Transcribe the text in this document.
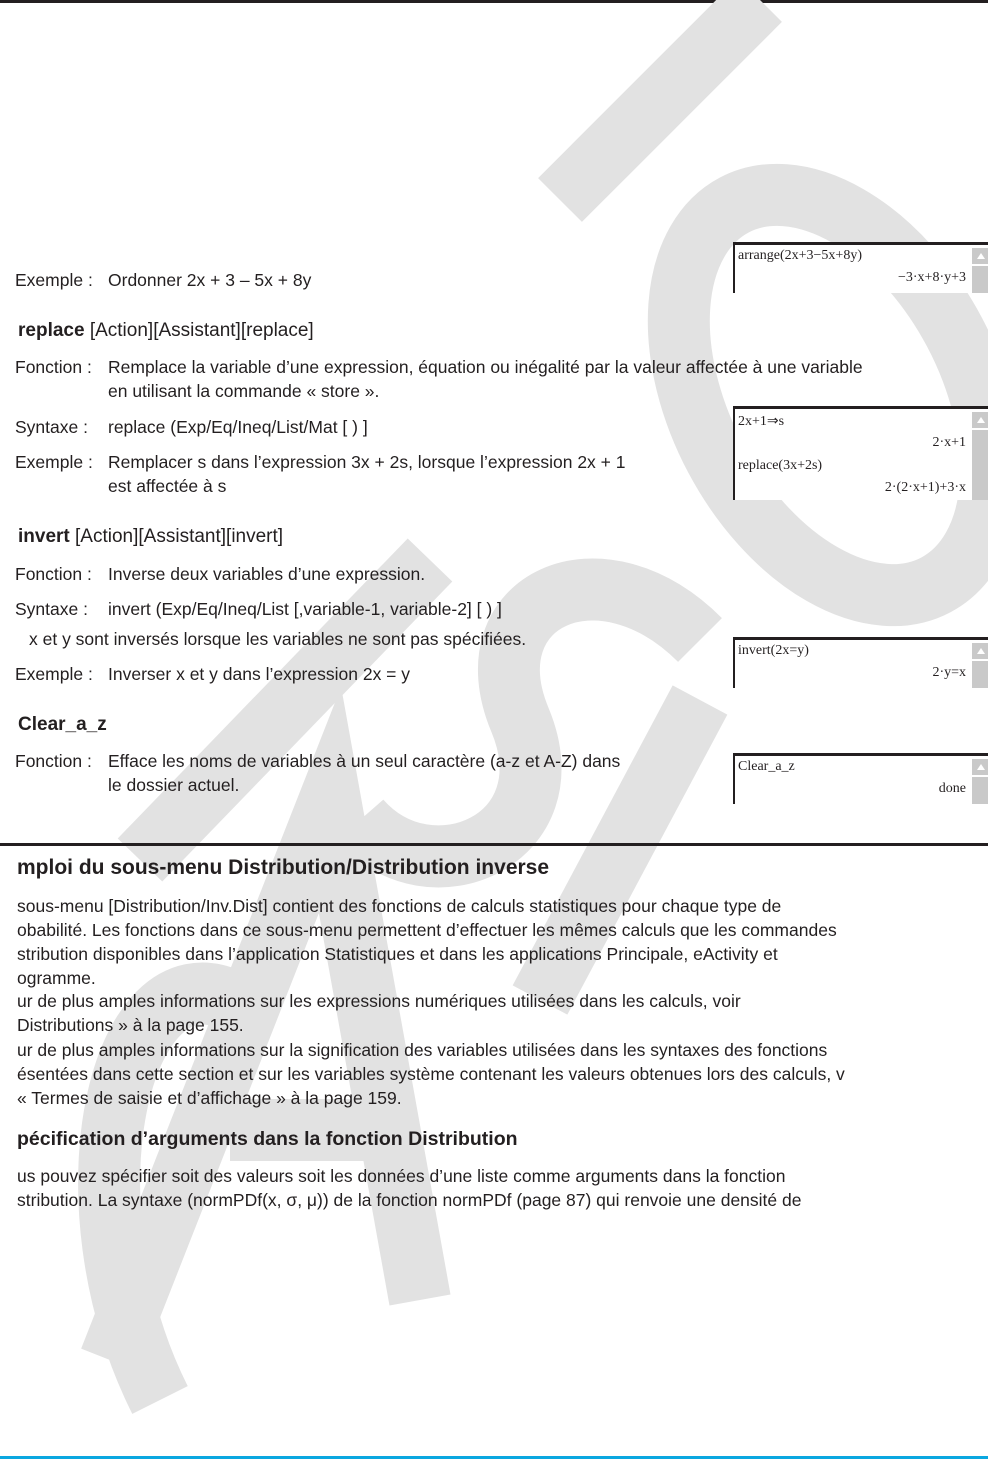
Exemple : Ordonner 2x + 3 – 5x + 8y
arrange(2x+3−5x+8y)
−3·x+8·y+3
replace [Action][Assistant][replace]
Fonction : Remplace la variable d’une expression, équation ou inégalité par la valeur affectée à une variable
en utilisant la commande « store ».
Syntaxe : replace (Exp/Eq/Ineq/List/Mat [ ) ]
Exemple : Remplacer s dans l’expression 3x + 2s, lorsque l’expression 2x + 1
est affectée à s
2x+1⇒s
2·x+1
replace(3x+2s)
2·(2·x+1)+3·x
invert [Action][Assistant][invert]
Fonction : Inverse deux variables d’une expression.
Syntaxe : invert (Exp/Eq/Ineq/List [,variable-1, variable-2] [ ) ]
x et y sont inversés lorsque les variables ne sont pas spécifiées.
Exemple : Inverser x et y dans l’expression 2x = y
invert(2x=y)
2·y=x
Clear_a_z
Fonction : Efface les noms de variables à un seul caractère (a-z et A-Z) dans
le dossier actuel.
Clear_a_z
done
mploi du sous-menu Distribution/Distribution inverse
sous-menu [Distribution/Inv.Dist] contient des fonctions de calculs statistiques pour chaque type de
obabilité. Les fonctions dans ce sous-menu permettent d’effectuer les mêmes calculs que les commandes
stribution disponibles dans l’application Statistiques et dans les applications Principale, eActivity et
ogramme.
ur de plus amples informations sur les expressions numériques utilisées dans les calculs, voir
Distributions » à la page 155.
ur de plus amples informations sur la signification des variables utilisées dans les syntaxes des fonctions
ésentées dans cette section et sur les variables système contenant les valeurs obtenues lors des calculs, v
« Termes de saisie et d’affichage » à la page 159.
pécification d’arguments dans la fonction Distribution
us pouvez spécifier soit des valeurs soit les données d’une liste comme arguments dans la fonction
stribution. La syntaxe (normPDf(x, σ, μ)) de la fonction normPDf (page 87) qui renvoie une densité de
